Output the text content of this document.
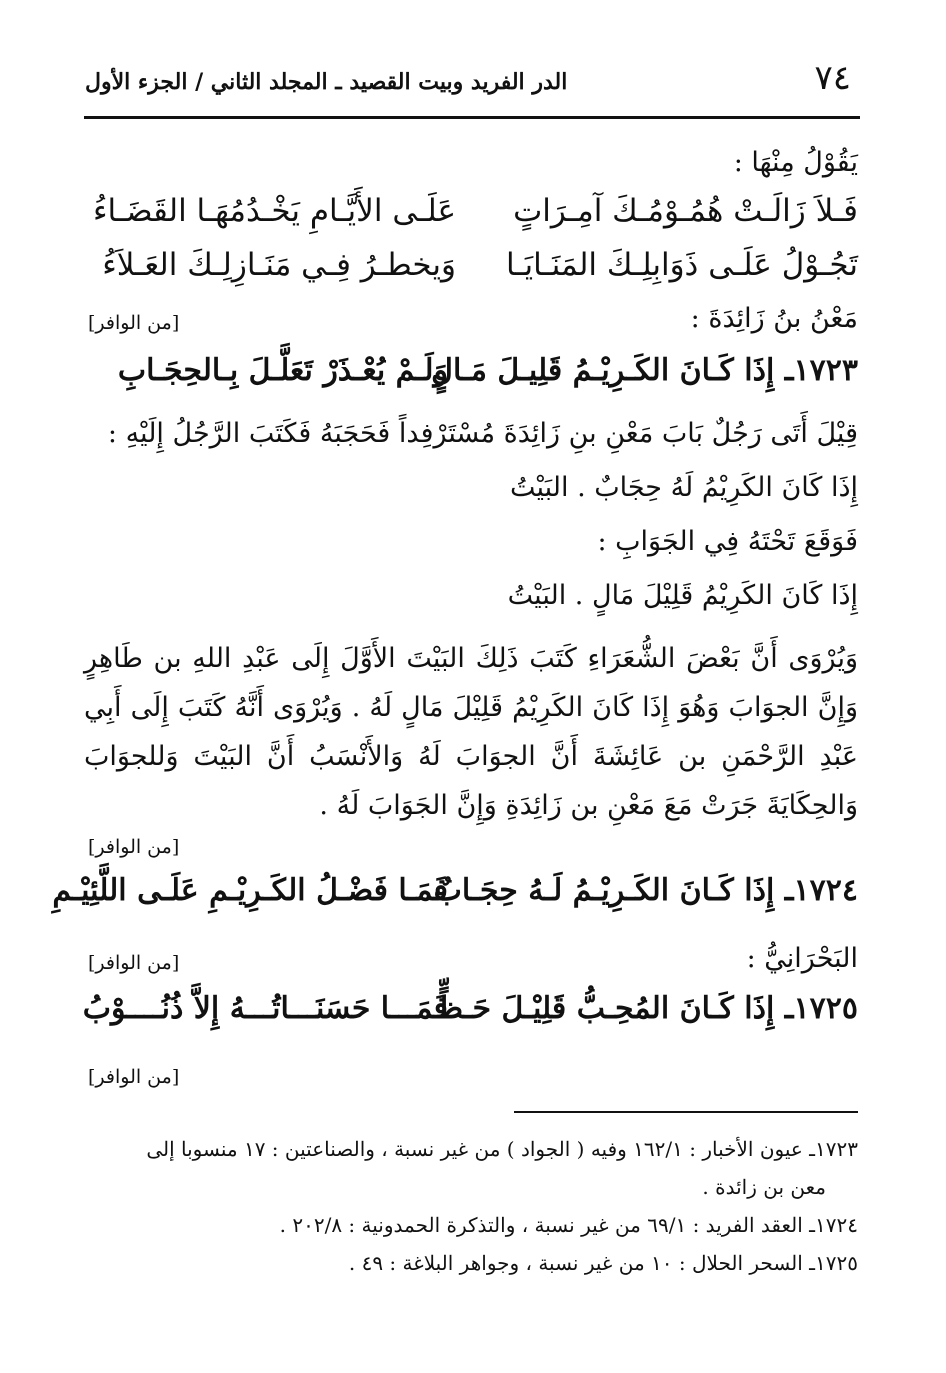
٧٤
الدر الفريد وبيت القصيد ـ المجلد الثاني / الجزء الأول
يَقُوْلُ مِنْهَا :
فَـلاَ زَالَـتْ هُمُـوْمُـكَ آمِـرَاتٍ
عَلَـى الأَيَّـامِ يَخْـدُمُهَـا القَضَـاءُ
تَجُـوْلُ عَلَـى ذَوَابِلِـكَ المَنَـايَـا
وَيخطـرُ فِـي مَنَـازِلِـكَ العَـلاَءُ
مَعْنُ بنُ زَائِدَةَ :
[من الوافر]
١٧٢٣ـ إِذَا كَـانَ الكَـرِيْـمُ قَلِيـلَ مَـالٍ
وَلَـمْ يُعْـذَرْ تَعَلَّـلَ بِـالحِجَـابِ
قِيْلَ أَتَى رَجُلٌ بَابَ مَعْنِ بنِ زَائِدَةَ مُسْتَرْفِداً فَحَجَبَهُ فَكَتَبَ الرَّجُلُ إِلَيْهِ :
إِذَا كَانَ الكَرِيْمُ لَهُ حِجَابٌ . البَيْتُ
فَوَقَعَ تَحْتَهُ فِي الجَوَابِ :
إِذَا كَانَ الكَرِيْمُ قَلِيْلَ مَالٍ . البَيْتُ
وَيُرْوَى أَنَّ بَعْضَ الشُّعَرَاءِ كَتَبَ ذَلِكَ البَيْتَ الأَوَّلَ إِلَى عَبْدِ اللهِ بن طَاهِرٍ وَإِنَّ الجوَابَ وَهُوَ إِذَا كَانَ الكَرِيْمُ قَلِيْلَ مَالٍ لَهُ . وَيُرْوَى أَنَّهُ كَتَبَ إِلَى أَبِي عَبْدِ الرَّحْمَنِ بن عَائِشَةَ أَنَّ الجوَابَ لَهُ وَالأَنْسَبُ أَنَّ البَيْتَ وَللجوَابَ وَالحِكَايَةَ جَرَتْ مَعَ مَعْنِ بن زَائِدَةِ وَإِنَّ الجَوَابَ لَهُ .
[من الوافر]
١٧٢٤ـ إِذَا كَـانَ الكَـرِيْـمُ لَـهُ حِجَـابٌ
فَمَـا فَضْـلُ الكَـرِيْـمِ عَلَـى اللَّئِيْـمِ
البَحْرَانِيُّ :
[من الوافر]
١٧٢٥ـ إِذَا كَـانَ المُحِـبُّ قَلِيْـلَ حَـظٍّ
فَمَـــا حَسَنَـــاتُـــهُ إِلاَّ ذُنُــــوْبُ
[من الوافر]
١٧٢٣ـ عيون الأخبار : ١٦٢/١ وفيه ( الجواد ) من غير نسبة ، والصناعتين : ١٧ منسوبا إلى
معن بن زائدة .
١٧٢٤ـ العقد الفريد : ٦٩/١ من غير نسبة ، والتذكرة الحمدونية : ٢٠٢/٨ .
١٧٢٥ـ السحر الحلال : ١٠ من غير نسبة ، وجواهر البلاغة : ٤٩ .
